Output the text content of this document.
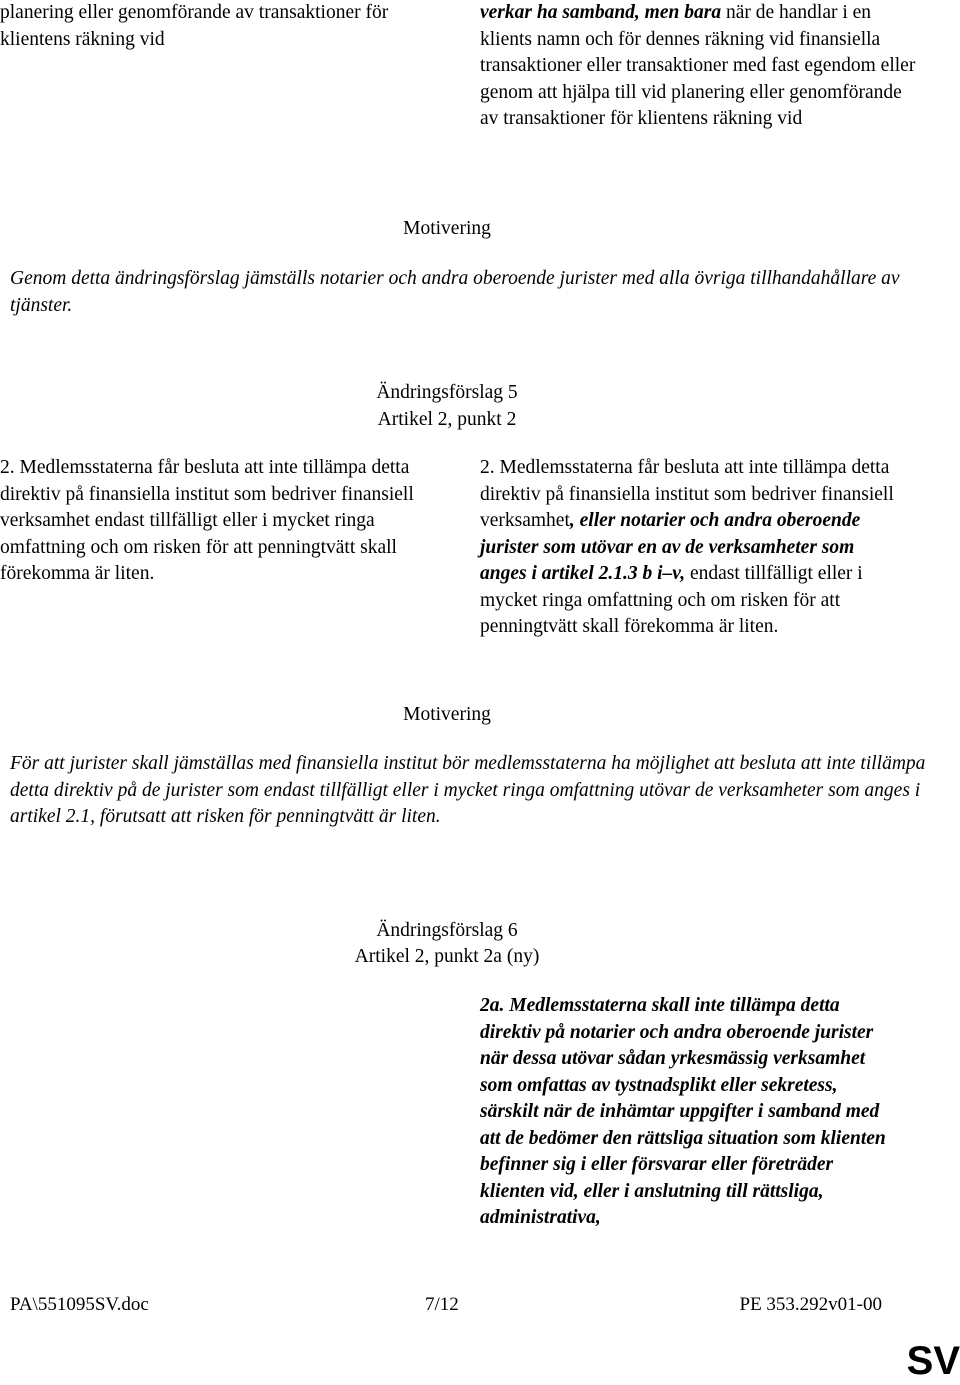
planering eller genomförande av transaktioner för klientens räkning vid
verkar ha samband, men bara när de handlar i en klients namn och för dennes räkning vid finansiella transaktioner eller transaktioner med fast egendom eller genom att hjälpa till vid planering eller genomförande av transaktioner för klientens räkning vid
Motivering
Genom detta ändringsförslag jämställs notarier och andra oberoende jurister med alla övriga tillhandahållare av tjänster.
Ändringsförslag 5
Artikel 2, punkt 2
2. Medlemsstaterna får besluta att inte tillämpa detta direktiv på finansiella institut som bedriver finansiell verksamhet endast tillfälligt eller i mycket ringa omfattning och om risken för att penningtvätt skall förekomma är liten.
2. Medlemsstaterna får besluta att inte tillämpa detta direktiv på finansiella institut som bedriver finansiell verksamhet, eller notarier och andra oberoende jurister som utövar en av de verksamheter som anges i artikel 2.1.3 b i–v, endast tillfälligt eller i mycket ringa omfattning och om risken för att penningtvätt skall förekomma är liten.
Motivering
För att jurister skall jämställas med finansiella institut bör medlemsstaterna ha möjlighet att besluta att inte tillämpa detta direktiv på de jurister som endast tillfälligt eller i mycket ringa omfattning utövar de verksamheter som anges i artikel 2.1, förutsatt att risken för penningtvätt är liten.
Ändringsförslag 6
Artikel 2, punkt 2a (ny)
2a. Medlemsstaterna skall inte tillämpa detta direktiv på notarier och andra oberoende jurister när dessa utövar sådan yrkesmässig verksamhet som omfattas av tystnadsplikt eller sekretess, särskilt när de inhämtar uppgifter i samband med att de bedömer den rättsliga situation som klienten befinner sig i eller försvarar eller företräder klienten vid, eller i anslutning till rättsliga, administrativa,
PA\551095SV.doc	7/12	PE 353.292v01-00
SV
